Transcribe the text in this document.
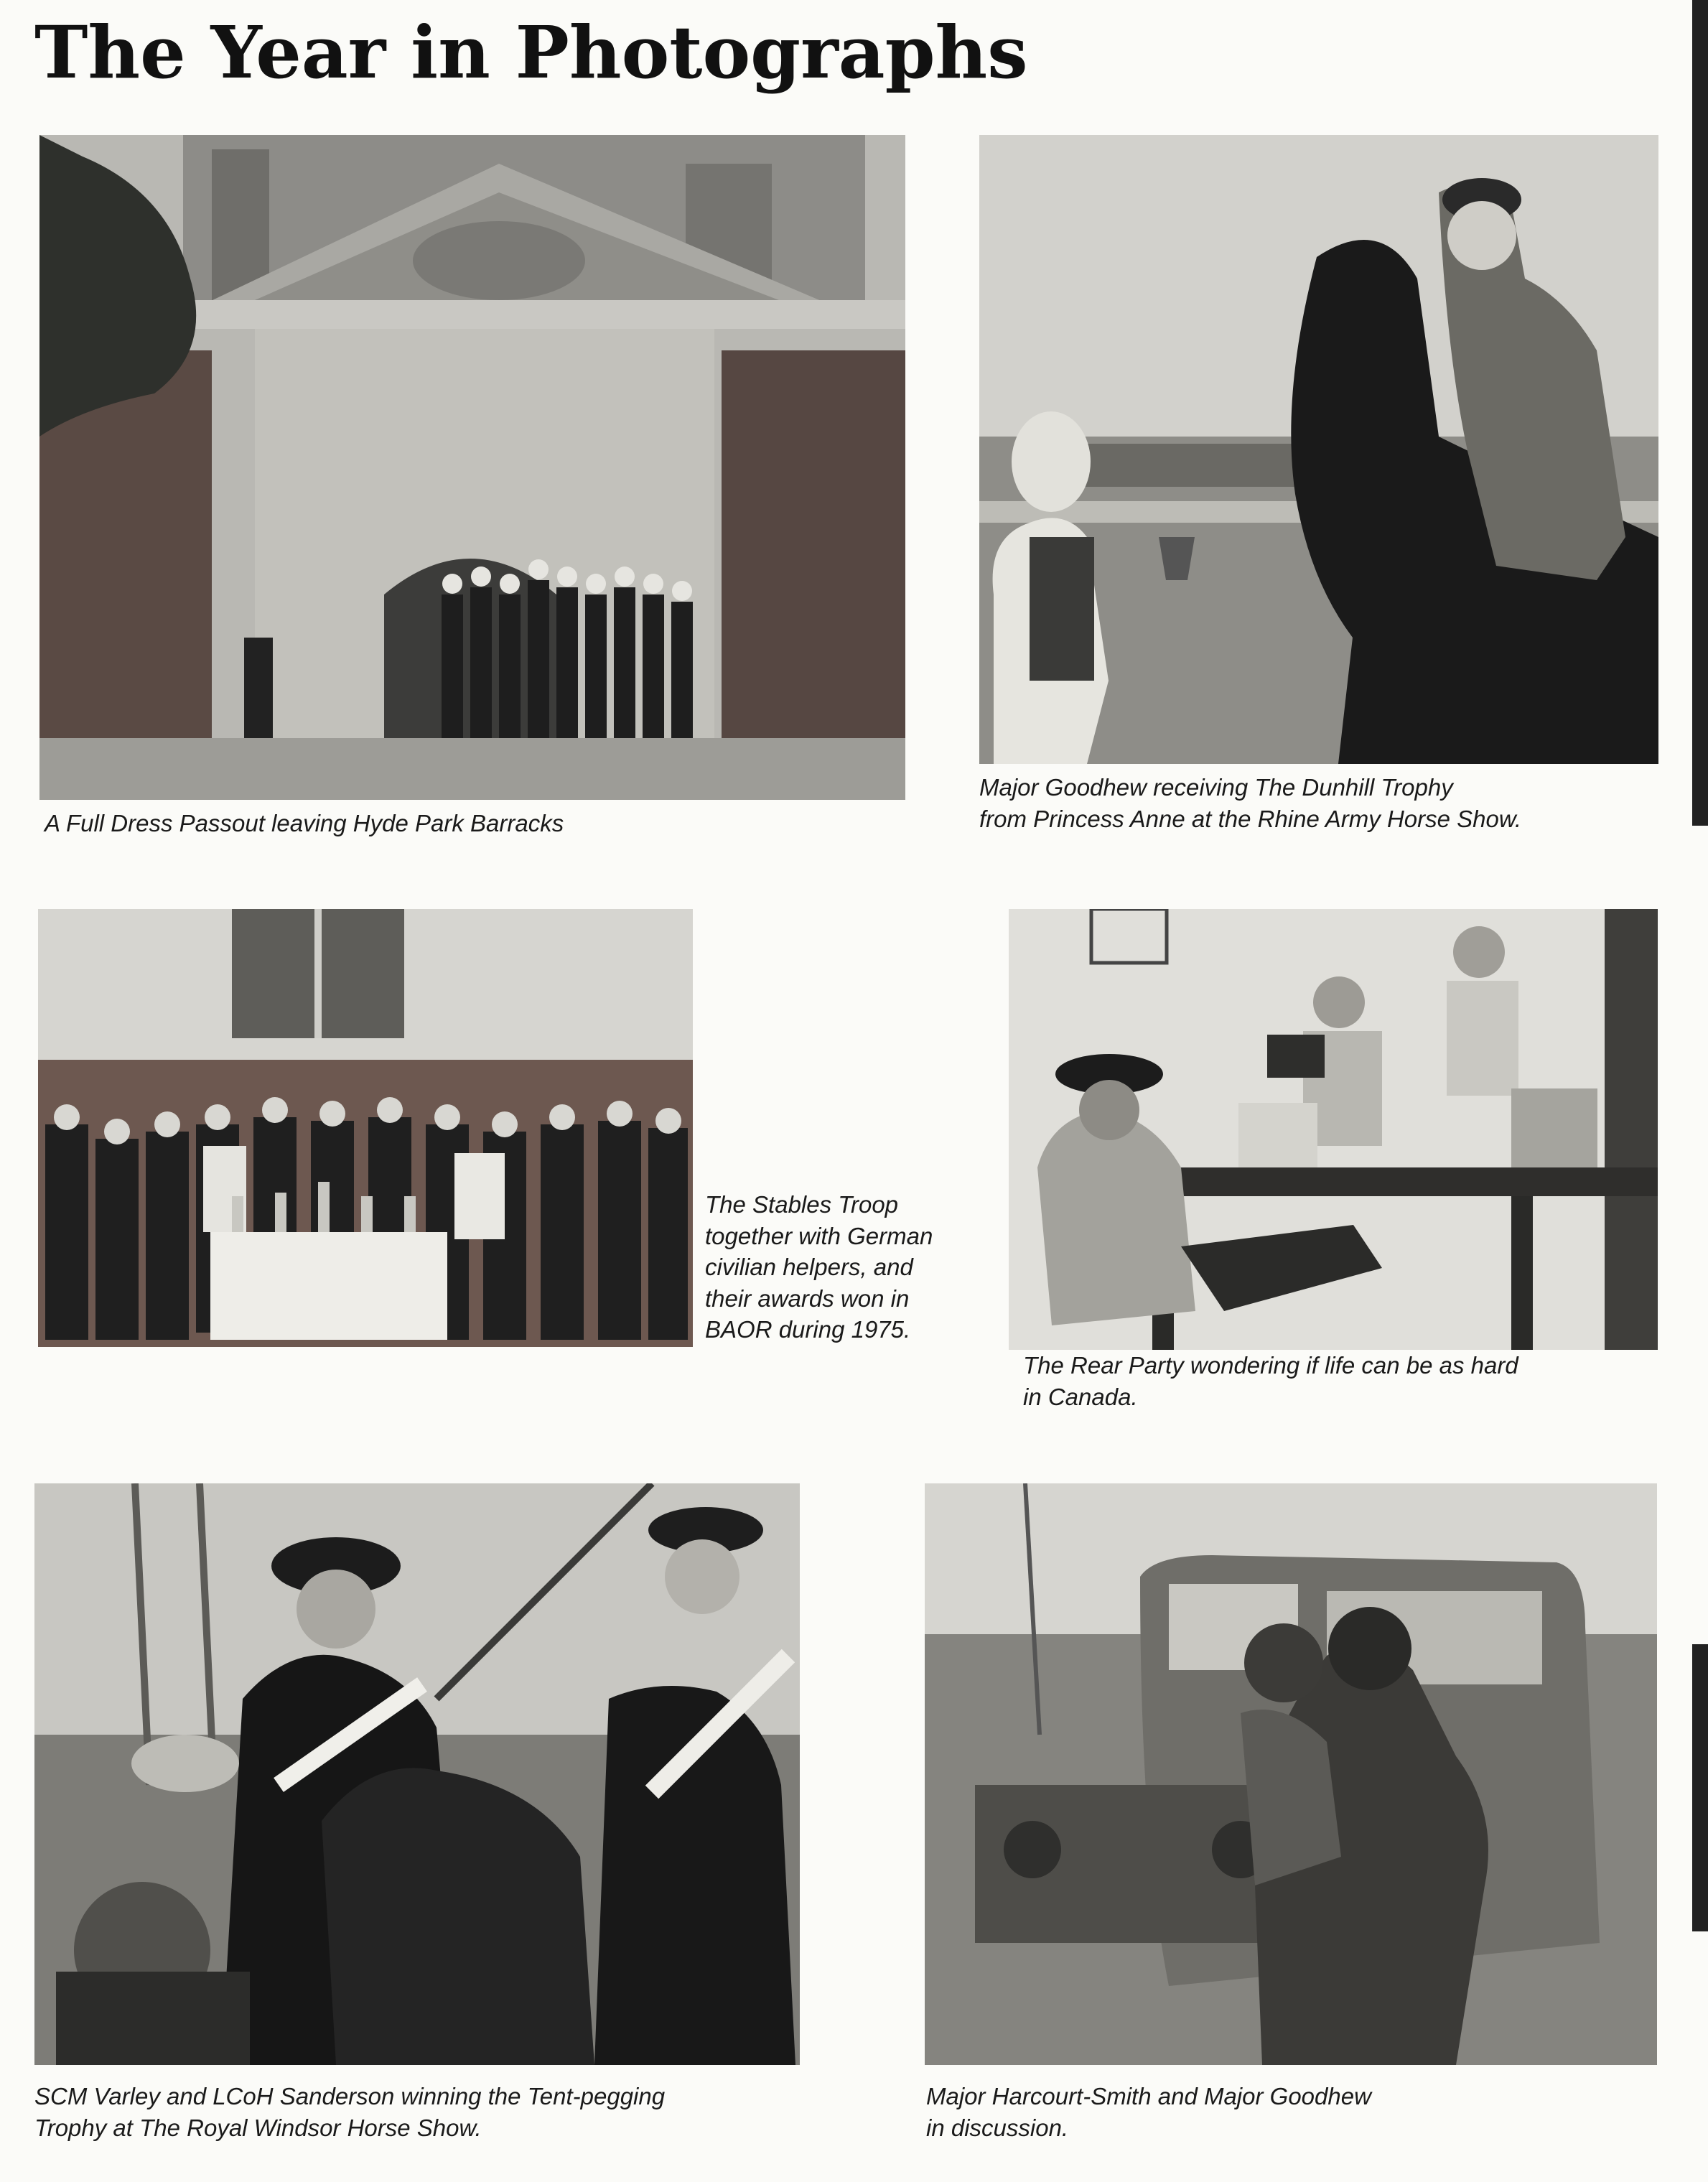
The Year in Photographs

A Full Dress Passout leaving Hyde Park Barracks

Major Goodhew receiving The Dunhill Trophy
from Princess Anne at the Rhine Army Horse Show.

The Stables Troop
together with German
civilian helpers, and
their awards won in
BAOR during 1975.

The Rear Party wondering if life can be as hard
in Canada.

SCM Varley and LCoH Sanderson winning the Tent-pegging
Trophy at The Royal Windsor Horse Show.

Major Harcourt-Smith and Major Goodhew
in discussion.
